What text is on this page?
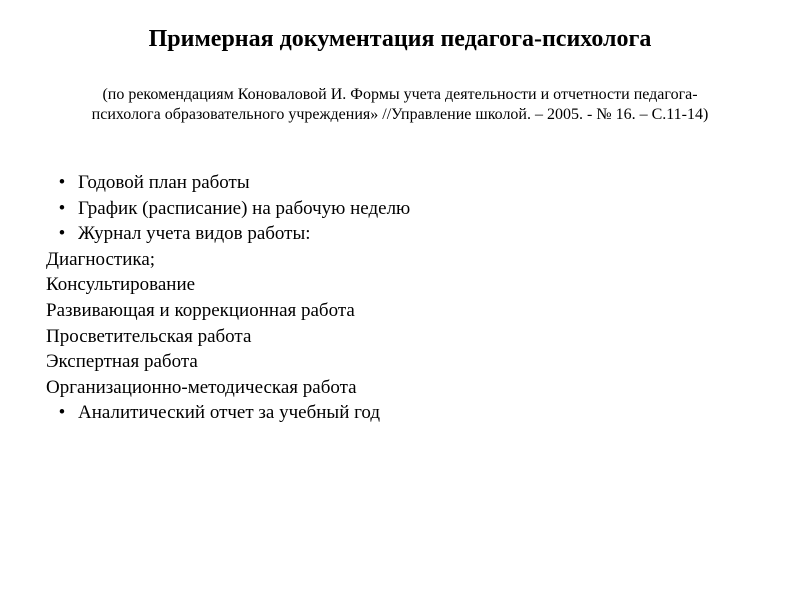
Примерная документация педагога-психолога
(по рекомендациям Коноваловой И. Формы учета деятельности и отчетности педагога-
психолога образовательного учреждения» //Управление школой. – 2005. - № 16. – С.11-14)
• Годовой план работы
• График (расписание) на рабочую неделю
• Журнал учета видов работы:
Диагностика;
Консультирование
Развивающая и коррекционная работа
Просветительская работа
Экспертная работа
Организационно-методическая работа
• Аналитический отчет за учебный год
